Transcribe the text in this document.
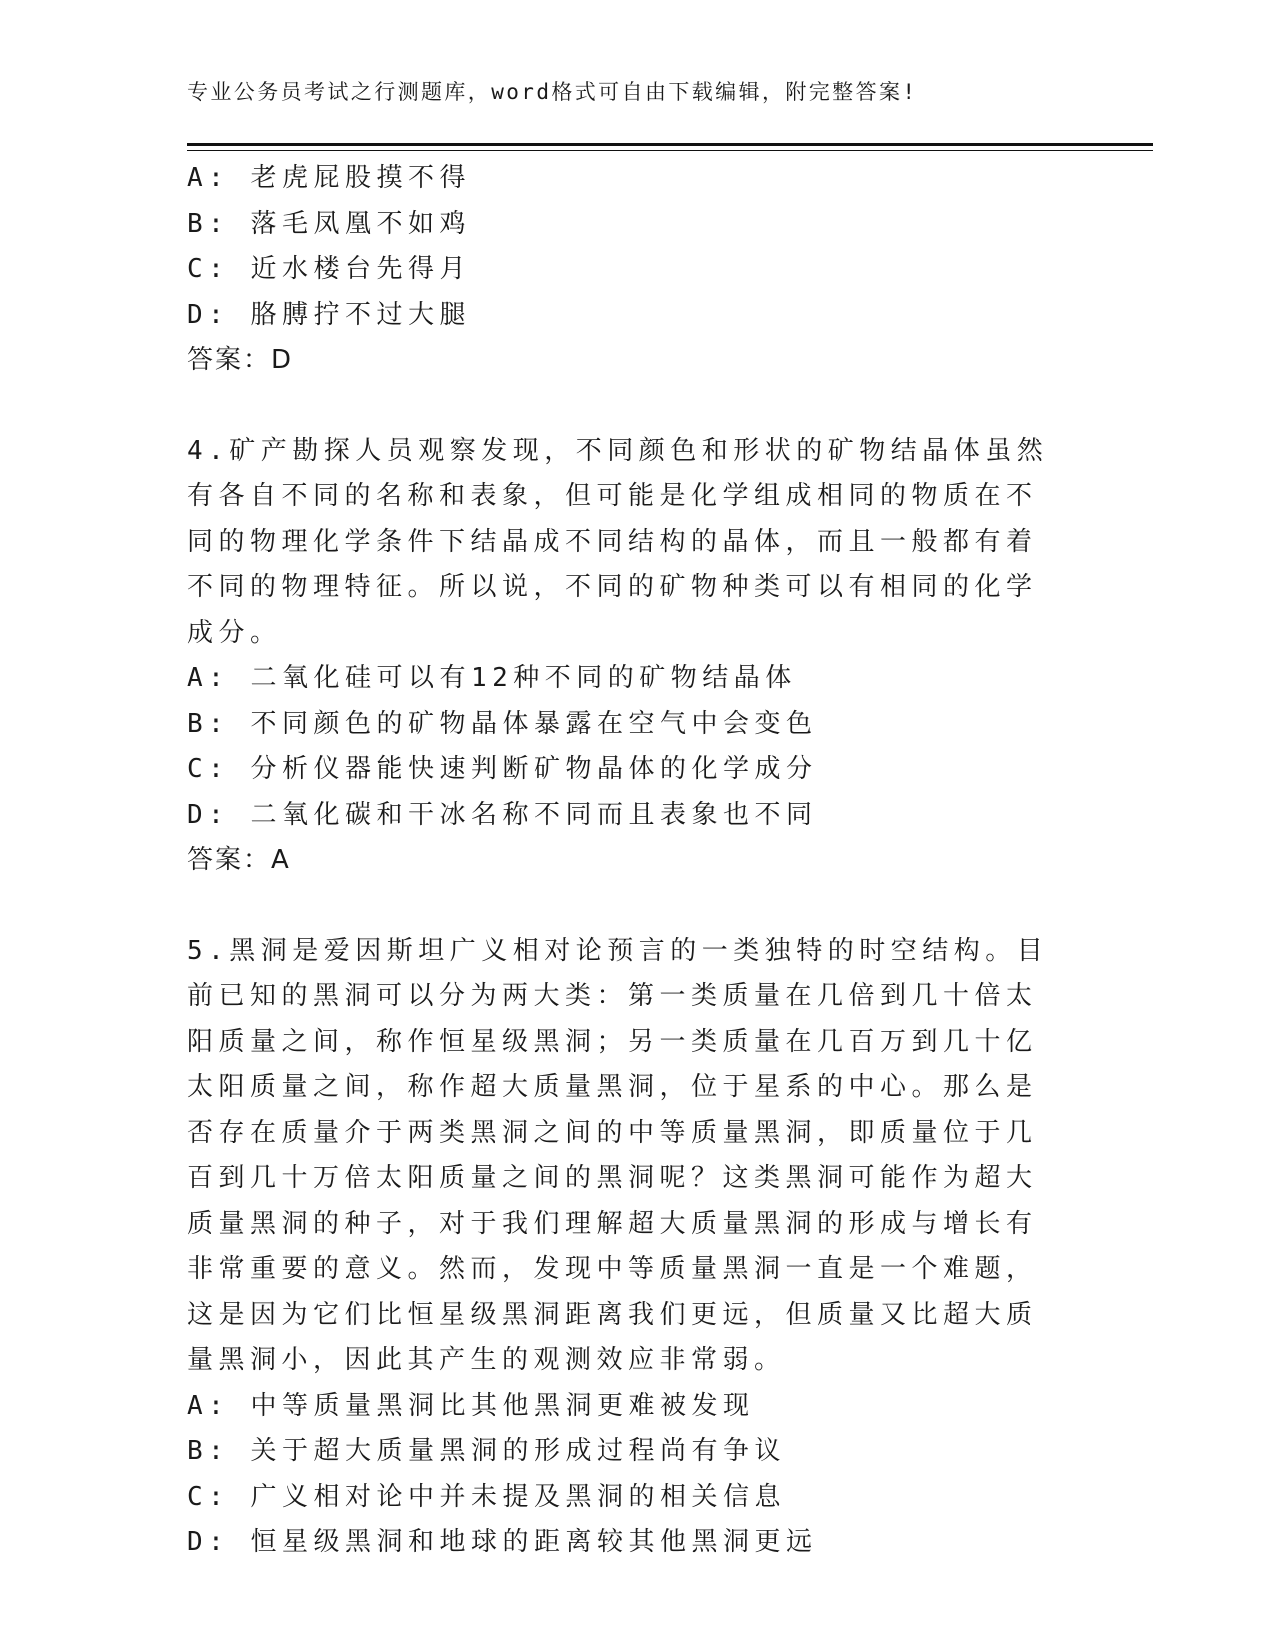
专业公务员考试之行测题库，word格式可自由下载编辑，附完整答案!
A: 老虎屁股摸不得
B: 落毛凤凰不如鸡
C: 近水楼台先得月
D: 胳膊拧不过大腿
答案：D
4.矿产勘探人员观察发现，不同颜色和形状的矿物结晶体虽然有各自不同的名称和表象，但可能是化学组成相同的物质在不同的物理化学条件下结晶成不同结构的晶体，而且一般都有着不同的物理特征。所以说，不同的矿物种类可以有相同的化学成分。
A: 二氧化硅可以有12种不同的矿物结晶体
B: 不同颜色的矿物晶体暴露在空气中会变色
C: 分析仪器能快速判断矿物晶体的化学成分
D: 二氧化碳和干冰名称不同而且表象也不同
答案：A
5.黑洞是爱因斯坦广义相对论预言的一类独特的时空结构。目前已知的黑洞可以分为两大类：第一类质量在几倍到几十倍太阳质量之间，称作恒星级黑洞；另一类质量在几百万到几十亿太阳质量之间，称作超大质量黑洞，位于星系的中心。那么是否存在质量介于两类黑洞之间的中等质量黑洞，即质量位于几百到几十万倍太阳质量之间的黑洞呢？这类黑洞可能作为超大质量黑洞的种子，对于我们理解超大质量黑洞的形成与增长有非常重要的意义。然而，发现中等质量黑洞一直是一个难题，这是因为它们比恒星级黑洞距离我们更远，但质量又比超大质量黑洞小，因此其产生的观测效应非常弱。
A: 中等质量黑洞比其他黑洞更难被发现
B: 关于超大质量黑洞的形成过程尚有争议
C: 广义相对论中并未提及黑洞的相关信息
D: 恒星级黑洞和地球的距离较其他黑洞更远
